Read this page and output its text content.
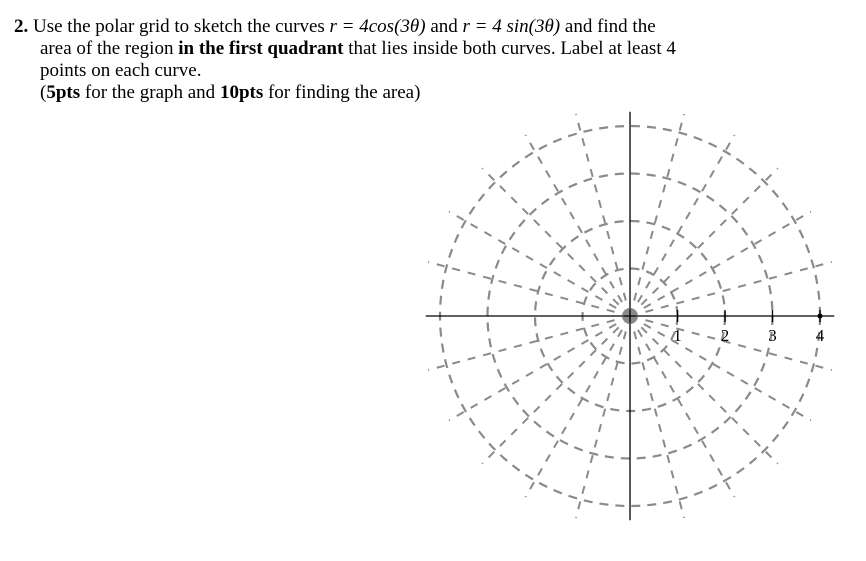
2. Use the polar grid to sketch the curves r = 4cos(3θ) and r = 4 sin(3θ) and find the
area of the region in the first quadrant that lies inside both curves. Label at least 4
points on each curve.
(5pts for the graph and 10pts for finding the area)
1 2 3 4
